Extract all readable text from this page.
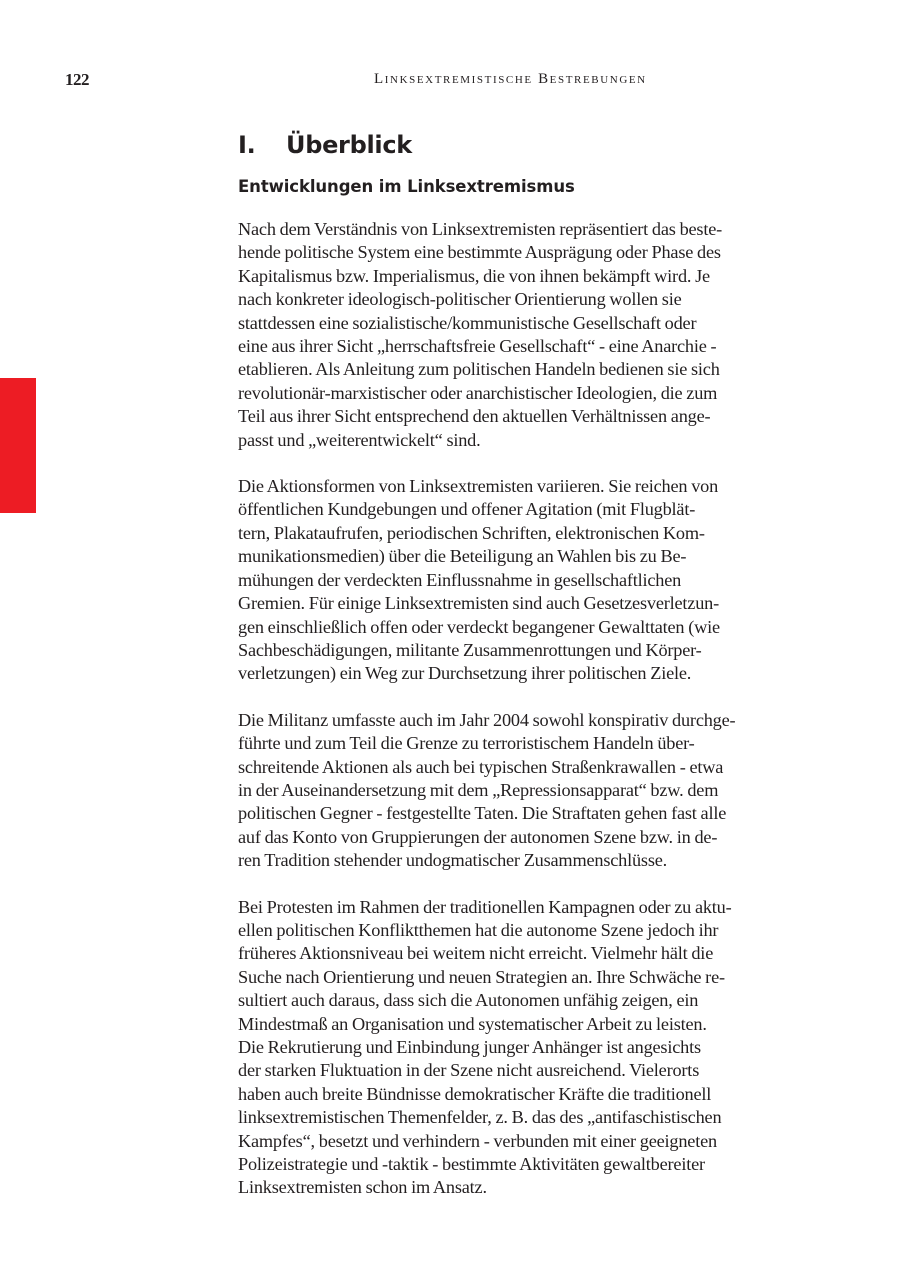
122	Linksextremistische Bestrebungen
I.	Überblick
Entwicklungen im Linksextremismus

Nach dem Verständnis von Linksextremisten repräsentiert das beste-
hende politische System eine bestimmte Ausprägung oder Phase des
Kapitalismus bzw. Imperialismus, die von ihnen bekämpft wird. Je
nach konkreter ideologisch-politischer Orientierung wollen sie
stattdessen eine sozialistische/kommunistische Gesellschaft oder
eine aus ihrer Sicht „herrschaftsfreie Gesellschaft“ - eine Anarchie -
etablieren. Als Anleitung zum politischen Handeln bedienen sie sich
revolutionär-marxistischer oder anarchistischer Ideologien, die zum
Teil aus ihrer Sicht entsprechend den aktuellen Verhältnissen ange-
passt und „weiterentwickelt“ sind.

Die Aktionsformen von Linksextremisten variieren. Sie reichen von
öffentlichen Kundgebungen und offener Agitation (mit Flugblät-
tern, Plakataufrufen, periodischen Schriften, elektronischen Kom-
munikationsmedien) über die Beteiligung an Wahlen bis zu Be-
mühungen der verdeckten Einflussnahme in gesellschaftlichen
Gremien. Für einige Linksextremisten sind auch Gesetzesverletzun-
gen einschließlich offen oder verdeckt begangener Gewalttaten (wie
Sachbeschädigungen, militante Zusammenrottungen und Körper-
verletzungen) ein Weg zur Durchsetzung ihrer politischen Ziele.

Die Militanz umfasste auch im Jahr 2004 sowohl konspirativ durchge-
führte und zum Teil die Grenze zu terroristischem Handeln über-
schreitende Aktionen als auch bei typischen Straßenkrawallen - etwa
in der Auseinandersetzung mit dem „Repressionsapparat“ bzw. dem
politischen Gegner - festgestellte Taten. Die Straftaten gehen fast alle
auf das Konto von Gruppierungen der autonomen Szene bzw. in de-
ren Tradition stehender undogmatischer Zusammenschlüsse.

Bei Protesten im Rahmen der traditionellen Kampagnen oder zu aktu-
ellen politischen Konfliktthemen hat die autonome Szene jedoch ihr
früheres Aktionsniveau bei weitem nicht erreicht. Vielmehr hält die
Suche nach Orientierung und neuen Strategien an. Ihre Schwäche re-
sultiert auch daraus, dass sich die Autonomen unfähig zeigen, ein
Mindestmaß an Organisation und systematischer Arbeit zu leisten.
Die Rekrutierung und Einbindung junger Anhänger ist angesichts
der starken Fluktuation in der Szene nicht ausreichend. Vielerorts
haben auch breite Bündnisse demokratischer Kräfte die traditionell
linksextremistischen Themenfelder, z. B. das des „antifaschistischen
Kampfes“, besetzt und verhindern - verbunden mit einer geeigneten
Polizeistrategie und -taktik - bestimmte Aktivitäten gewaltbereiter
Linksextremisten schon im Ansatz.
